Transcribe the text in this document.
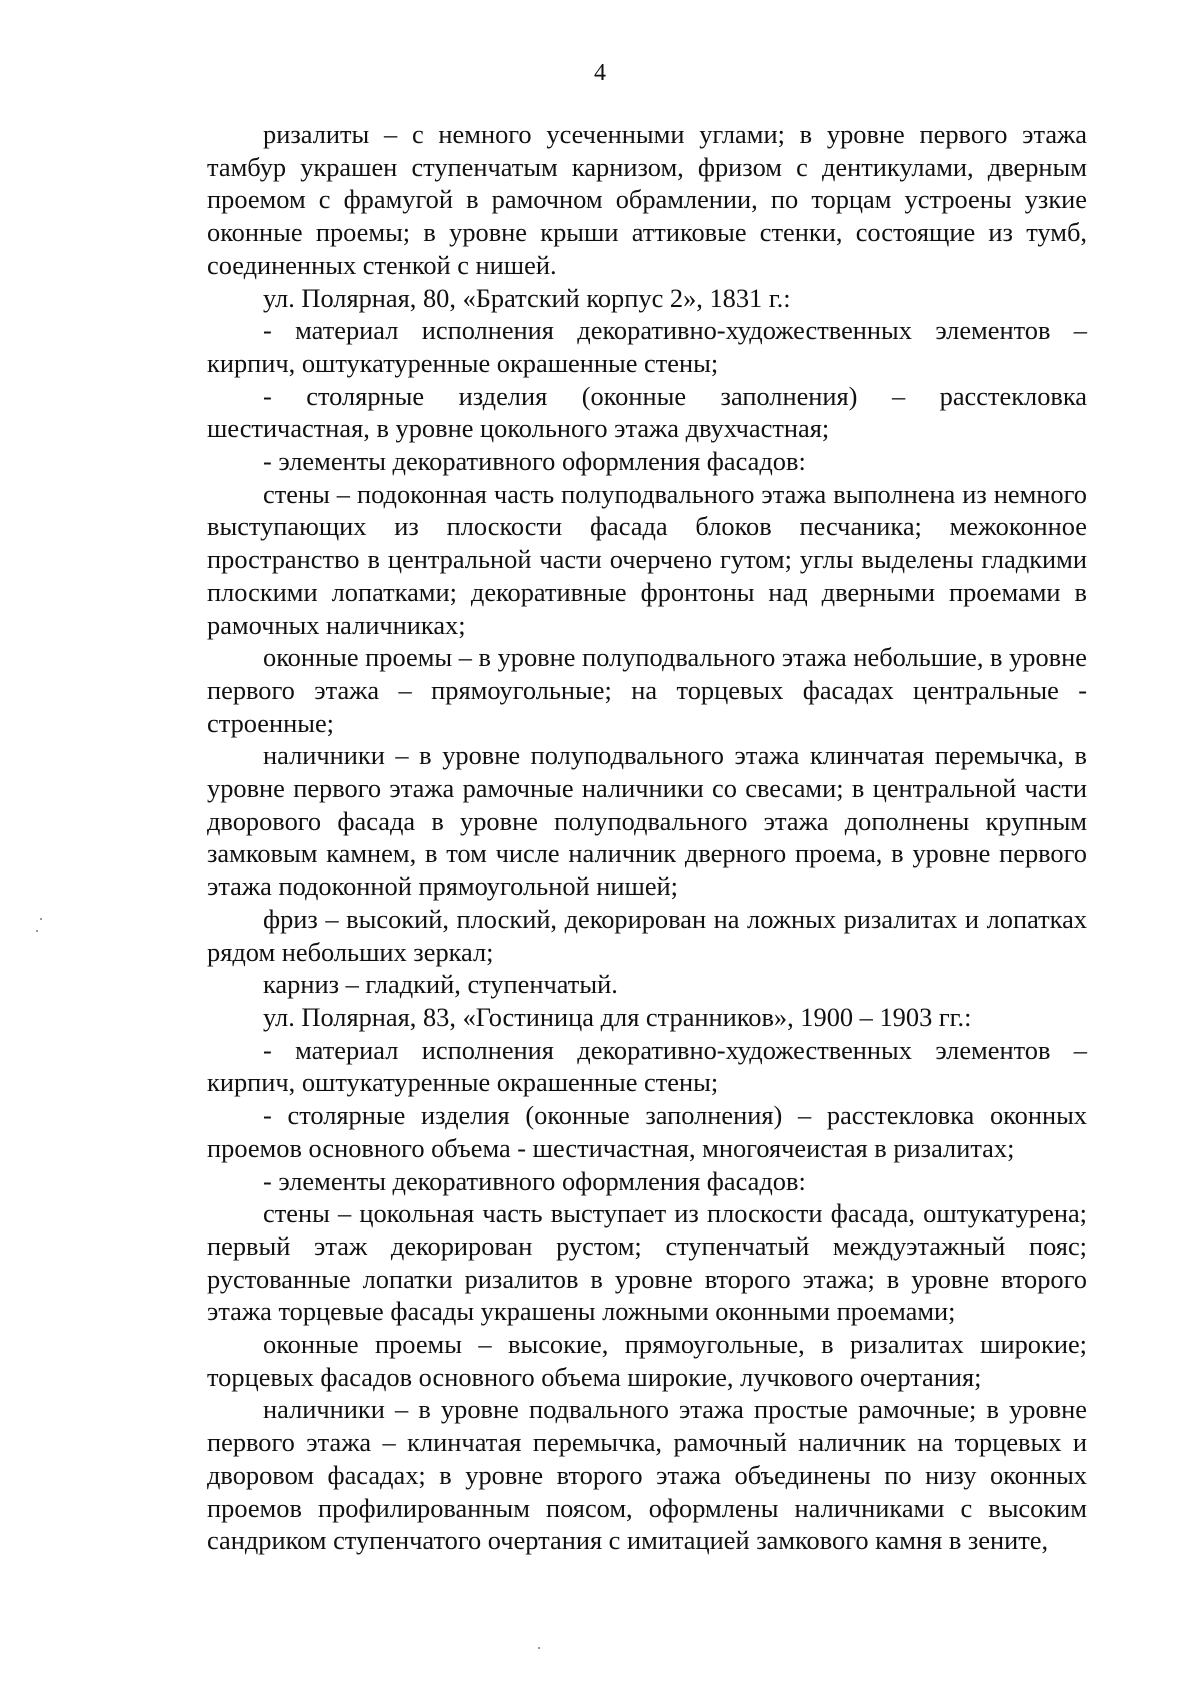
4

ризалиты – с немного усеченными углами; в уровне первого этажа тамбур украшен ступенчатым карнизом, фризом с дентикулами, дверным проемом с фрамугой в рамочном обрамлении, по торцам устроены узкие оконные проемы; в уровне крыши аттиковые стенки, состоящие из тумб, соединенных стенкой с нишей.

ул. Полярная, 80, «Братский корпус 2», 1831 г.:

- материал исполнения декоративно-художественных элементов – кирпич, оштукатуренные окрашенные стены;

- столярные изделия (оконные заполнения) – расстекловка шестичастная, в уровне цокольного этажа двухчастная;

- элементы декоративного оформления фасадов:

стены – подоконная часть полуподвального этажа выполнена из немного выступающих из плоскости фасада блоков песчаника; межоконное пространство в центральной части очерчено гутом; углы выделены гладкими плоскими лопатками; декоративные фронтоны над дверными проемами в рамочных наличниках;

оконные проемы – в уровне полуподвального этажа небольшие, в уровне первого этажа – прямоугольные; на торцевых фасадах центральные - строенные;

наличники – в уровне полуподвального этажа клинчатая перемычка, в уровне первого этажа рамочные наличники со свесами; в центральной части дворового фасада в уровне полуподвального этажа дополнены крупным замковым камнем, в том числе наличник дверного проема, в уровне первого этажа подоконной прямоугольной нишей;

фриз – высокий, плоский, декорирован на ложных ризалитах и лопатках рядом небольших зеркал;

карниз – гладкий, ступенчатый.

ул. Полярная, 83, «Гостиница для странников», 1900 – 1903 гг.:

- материал исполнения декоративно-художественных элементов – кирпич, оштукатуренные окрашенные стены;

- столярные изделия (оконные заполнения) – расстекловка оконных проемов основного объема - шестичастная, многоячеистая в ризалитах;

- элементы декоративного оформления фасадов:

стены – цокольная часть выступает из плоскости фасада, оштукатурена; первый этаж декорирован рустом; ступенчатый междуэтажный пояс; рустованные лопатки ризалитов в уровне второго этажа; в уровне второго этажа торцевые фасады украшены ложными оконными проемами;

оконные проемы – высокие, прямоугольные, в ризалитах широкие; торцевых фасадов основного объема широкие, лучкового очертания;

наличники – в уровне подвального этажа простые рамочные; в уровне первого этажа – клинчатая перемычка, рамочный наличник на торцевых и дворовом фасадах; в уровне второго этажа объединены по низу оконных проемов профилированным поясом, оформлены наличниками с высоким сандриком ступенчатого очертания с имитацией замкового камня в зените,
